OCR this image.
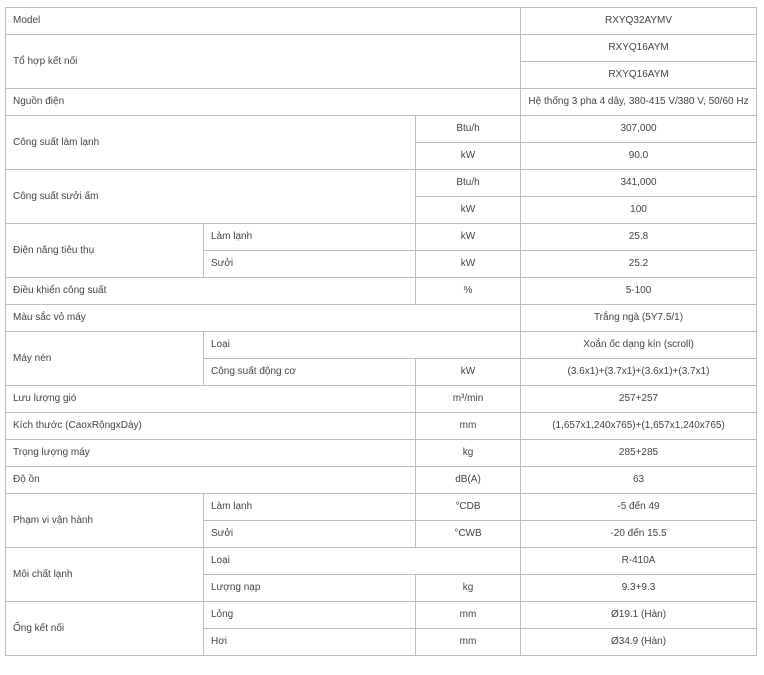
Model			RXYQ32AYMV
Tổ hợp kết nối			RXYQ16AYM
			RXYQ16AYM
Nguồn điện			Hệ thống 3 pha 4 dây, 380-415 V/380 V, 50/60 Hz
Công suất làm lạnh		Btu/h	307,000
		kW	90.0
Công suất sưởi ấm		Btu/h	341,000
		kW	100
Điện năng tiêu thụ	Làm lạnh	kW	25.8
	Sưởi	kW	25.2
Điều khiển công suất		%	5-100
Màu sắc vỏ máy			Trắng ngà (5Y7.5/1)
Máy nén	Loại		Xoắn ốc dạng kín (scroll)
	Công suất động cơ	kW	(3.6x1)+(3.7x1)+(3.6x1)+(3.7x1)
Lưu lượng gió		m³/min	257+257
Kích thước (CaoxRộngxDày)		mm	(1,657x1,240x765)+(1,657x1,240x765)
Trọng lượng máy		kg	285+285
Độ ồn		dB(A)	63
Phạm vi vận hành	Làm lạnh	°CDB	-5 đến 49
	Sưởi	°CWB	-20 đến 15.5
Môi chất lạnh	Loại		R-410A
	Lượng nạp	kg	9.3+9.3
Ống kết nối	Lỏng	mm	Ø19.1 (Hàn)
	Hơi	mm	Ø34.9 (Hàn)
